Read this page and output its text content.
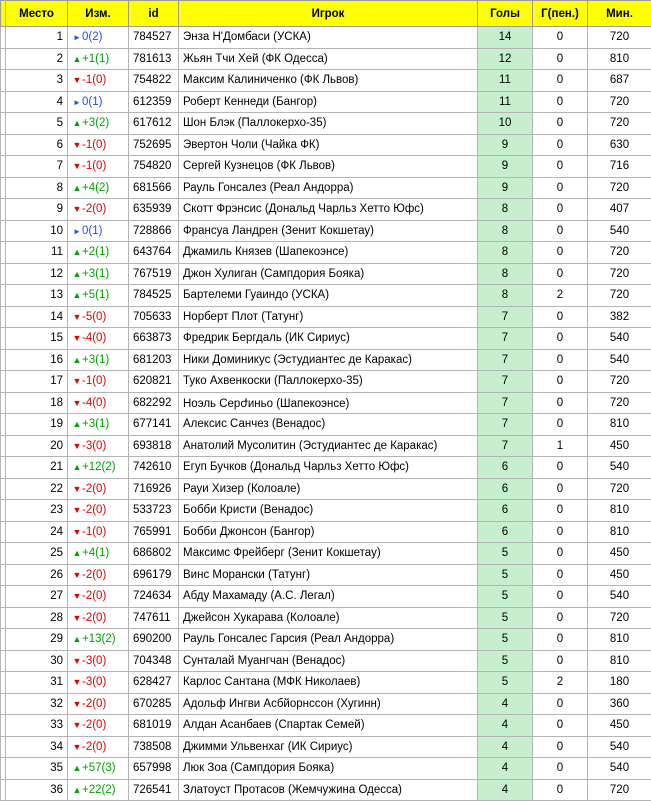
	Место	Изм.	id	Игрок	Голы	Г(пен.)	Мин.
	1	►0(2)	784527	Энза Н'Домбаси (УСКА)	14	0	720
	2	▲+1(1)	781613	Жьян Тчи Хей (ФК Одесса)	12	0	810
	3	▼-1(0)	754822	Максим Калиниченко (ФК Львов)	11	0	687
	4	►0(1)	612359	Роберт Кеннеди (Бангор)	11	0	720
	5	▲+3(2)	617612	Шон Блэк (Паллокерхо-35)	10	0	720
	6	▼-1(0)	752695	Эвертон Чоли (Чайка ФК)	9	0	630
	7	▼-1(0)	754820	Сергей Кузнецов (ФК Львов)	9	0	716
	8	▲+4(2)	681566	Рауль Гонсалез (Реал Андорра)	9	0	720
	9	▼-2(0)	635939	Скотт Фрэнсис (Дональд Чарльз Хетто Юфс)	8	0	407
	10	►0(1)	728866	Франсуа Ландрен (Зенит Кокшетау)	8	0	540
	11	▲+2(1)	643764	Джамиль Князев (Шапекоэнсе)	8	0	720
	12	▲+3(1)	767519	Джон Хулиган (Сампдория Бояка)	8	0	720
	13	▲+5(1)	784525	Бартелеми Гуаиндо (УСКА)	8	2	720
	14	▼-5(0)	705633	Норберт Плот (Татунг)	7	0	382
	15	▼-4(0)	663873	Фредрик Бергдаль (ИК Сириус)	7	0	540
	16	▲+3(1)	681203	Ники Доминикус (Эстудиантес де Каракас)	7	0	540
	17	▼-1(0)	620821	Туко Ахвенкоски (Паллокерхо-35)	7	0	720
	18	▼-4(0)	682292	Ноэль Серժиньо (Шапекоэнсе)	7	0	720
	19	▲+3(1)	677141	Алексис Санчез (Венадос)	7	0	810
	20	▼-3(0)	693818	Анатолий Мусолитин (Эстудиантес де Каракас)	7	1	450
	21	▲+12(2)	742610	Егуп Бучков (Дональд Чарльз Хетто Юфс)	6	0	540
	22	▼-2(0)	716926	Рауи Хизер (Колоале)	6	0	720
	23	▼-2(0)	533723	Бобби Кристи (Венадос)	6	0	810
	24	▼-1(0)	765991	Бобби Джонсон (Бангор)	6	0	810
	25	▲+4(1)	686802	Максимс Фрейберг (Зенит Кокшетау)	5	0	450
	26	▼-2(0)	696179	Винс Морански (Татунг)	5	0	450
	27	▼-2(0)	724634	Абду Махамаду (А.С. Легал)	5	0	540
	28	▼-2(0)	747611	Джейсон Хукарава (Колоале)	5	0	720
	29	▲+13(2)	690200	Рауль Гонсалес Гарсия (Реал Андорра)	5	0	810
	30	▼-3(0)	704348	Сунталай Муангчан (Венадос)	5	0	810
	31	▼-3(0)	628427	Карлос Сантана (МФК Николаев)	5	2	180
	32	▼-2(0)	670285	Адольф Ингви Асбйорнссон (Хугинн)	4	0	360
	33	▼-2(0)	681019	Алдан Асанбаев (Спартак Семей)	4	0	450
	34	▼-2(0)	738508	Джимми Ульвенхаг (ИК Сириус)	4	0	540
	35	▲+57(3)	657998	Люк Зоа (Сампдория Бояка)	4	0	540
	36	▲+22(2)	726541	Златоуст Протасов (Жемчужина Одесса)	4	0	720
